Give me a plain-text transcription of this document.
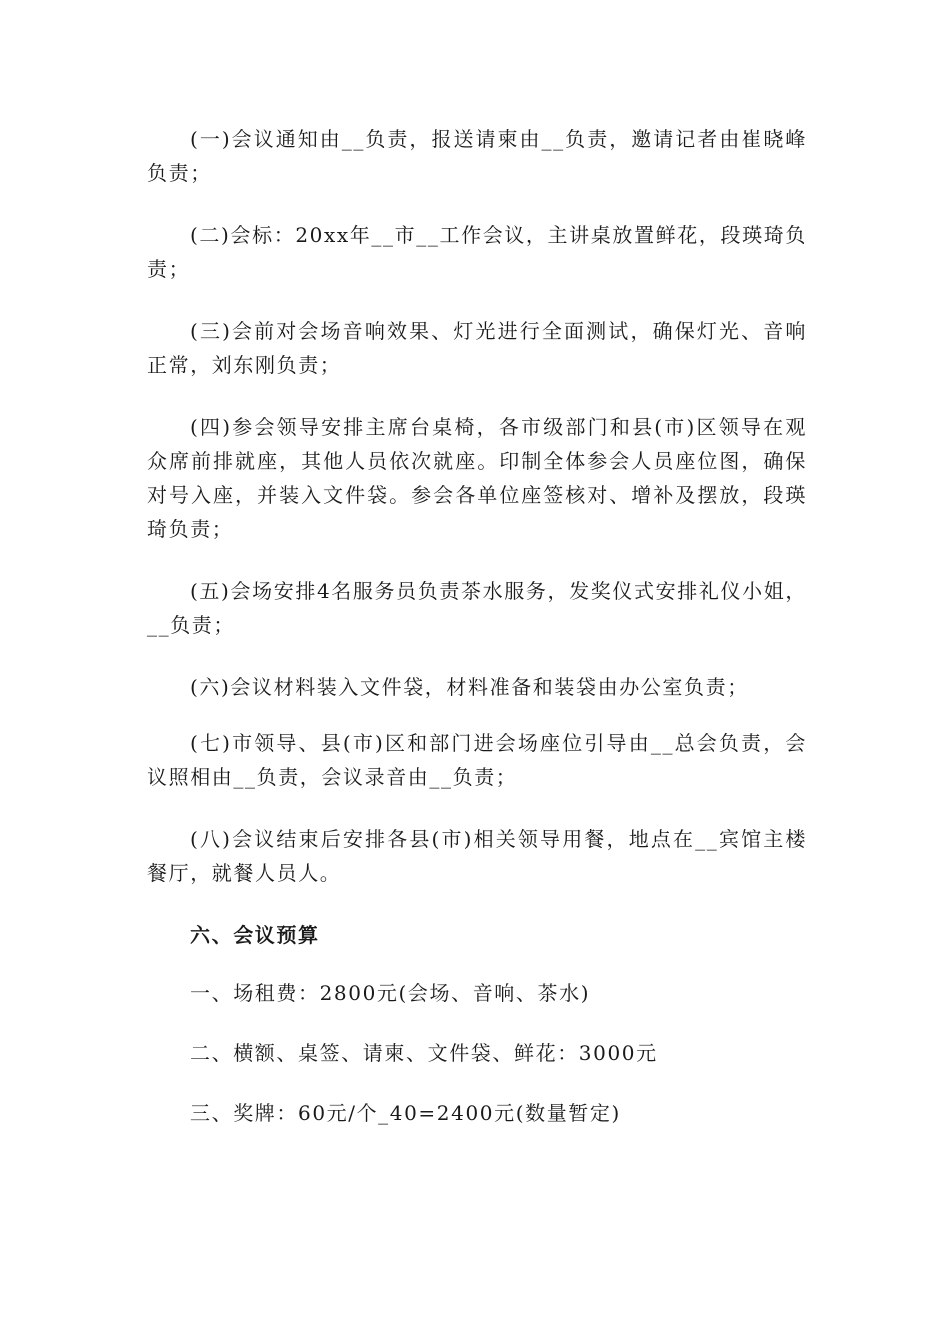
(一)会议通知由__负责，报送请柬由__负责，邀请记者由崔晓峰负责；

(二)会标：20xx年__市__工作会议，主讲桌放置鲜花，段瑛琦负责；

(三)会前对会场音响效果、灯光进行全面测试，确保灯光、音响正常，刘东刚负责；

(四)参会领导安排主席台桌椅，各市级部门和县(市)区领导在观众席前排就座，其他人员依次就座。印制全体参会人员座位图，确保对号入座，并装入文件袋。参会各单位座签核对、增补及摆放，段瑛琦负责；

(五)会场安排4名服务员负责茶水服务，发奖仪式安排礼仪小姐，__负责；

(六)会议材料装入文件袋，材料准备和装袋由办公室负责；

(七)市领导、县(市)区和部门进会场座位引导由__总会负责，会议照相由__负责，会议录音由__负责；

(八)会议结束后安排各县(市)相关领导用餐，地点在__宾馆主楼餐厅，就餐人员人。

六、会议预算

一、场租费：2800元(会场、音响、茶水)

二、横额、桌签、请柬、文件袋、鲜花：3000元

三、奖牌：60元/个_40=2400元(数量暂定)
